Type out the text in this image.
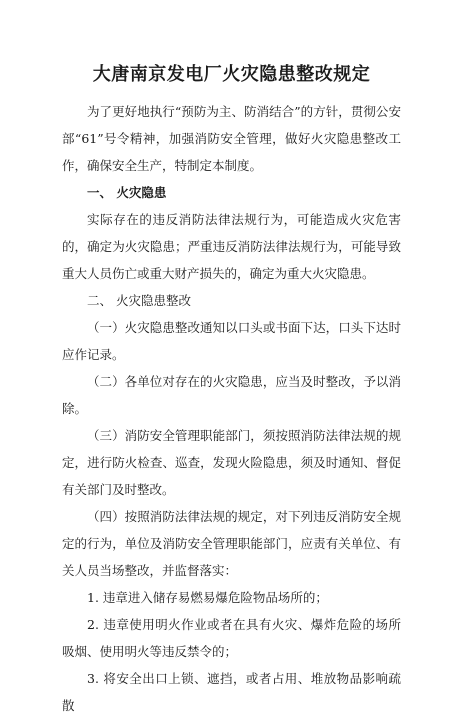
大唐南京发电厂火灾隐患整改规定

为了更好地执行“预防为主、防消结合”的方针，贯彻公安部“61”号令精神，加强消防安全管理，做好火灾隐患整改工作，确保安全生产，特制定本制度。

一、 火灾隐患

实际存在的违反消防法律法规行为，可能造成火灾危害的，确定为火灾隐患；严重违反消防法律法规行为，可能导致重大人员伤亡或重大财产损失的，确定为重大火灾隐患。

二、 火灾隐患整改

（一）火灾隐患整改通知以口头或书面下达，口头下达时应作记录。

（二）各单位对存在的火灾隐患，应当及时整改，予以消除。

（三）消防安全管理职能部门，须按照消防法律法规的规定，进行防火检查、巡查，发现火险隐患，须及时通知、督促有关部门及时整改。

（四）按照消防法律法规的规定，对下列违反消防安全规定的行为，单位及消防安全管理职能部门，应责有关单位、有关人员当场整改，并监督落实：

1. 违章进入储存易燃易爆危险物品场所的；

2. 违章使用明火作业或者在具有火灾、爆炸危险的场所吸烟、使用明火等违反禁令的；

3. 将安全出口上锁、遮挡，或者占用、堆放物品影响疏散
